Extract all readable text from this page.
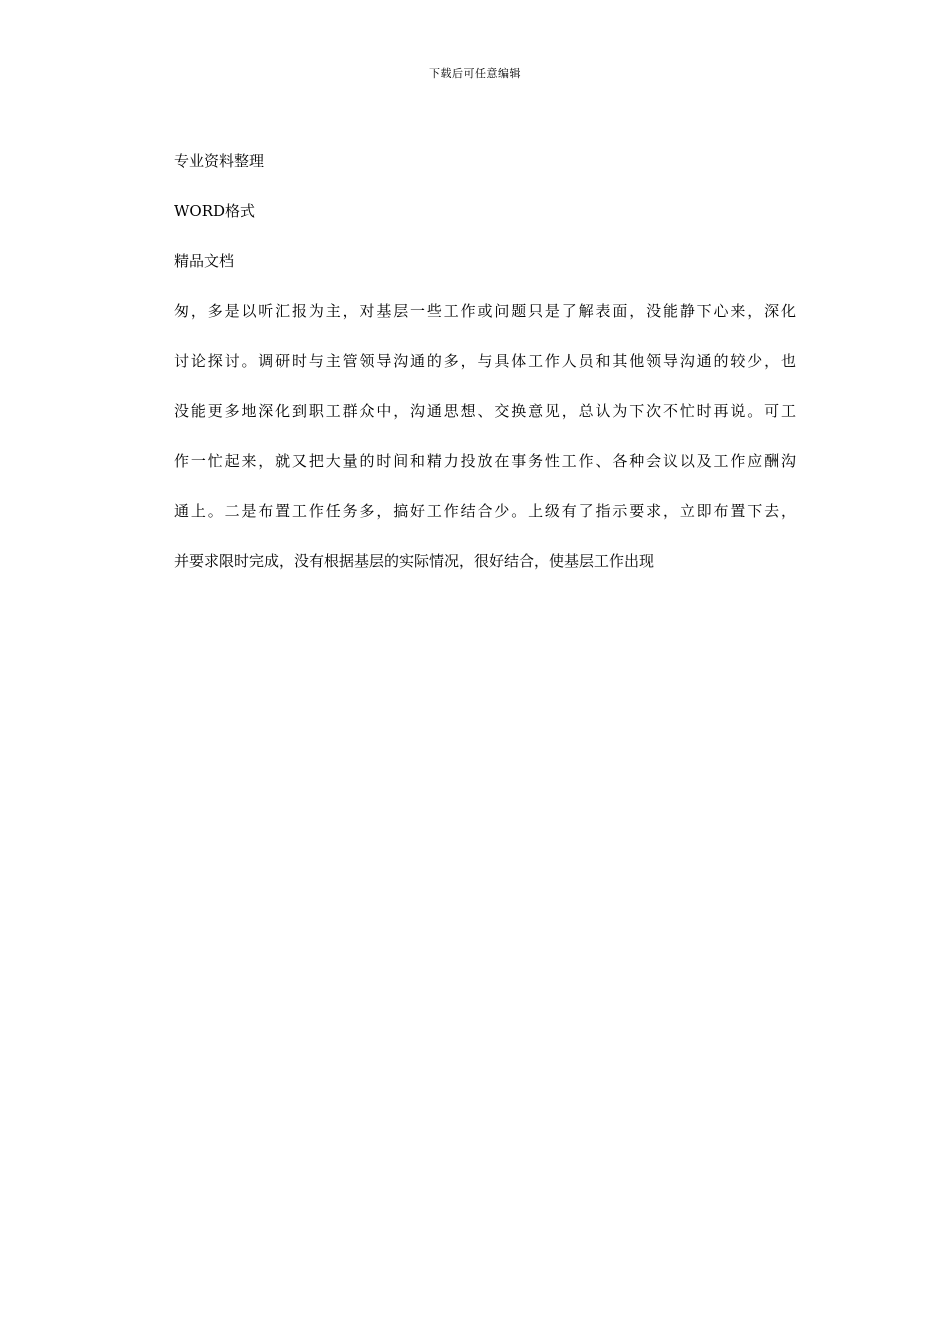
下载后可任意编辑
专业资料整理
WORD格式
精品文档
匆，多是以听汇报为主，对基层一些工作或问题只是了解表面，没能静下心来，深化
讨论探讨。调研时与主管领导沟通的多，与具体工作人员和其他领导沟通的较少，也
没能更多地深化到职工群众中，沟通思想、交换意见，总认为下次不忙时再说。可工
作一忙起来，就又把大量的时间和精力投放在事务性工作、各种会议以及工作应酬沟
通上。二是布置工作任务多，搞好工作结合少。上级有了指示要求，立即布置下去，
并要求限时完成，没有根据基层的实际情况，很好结合，使基层工作出现
